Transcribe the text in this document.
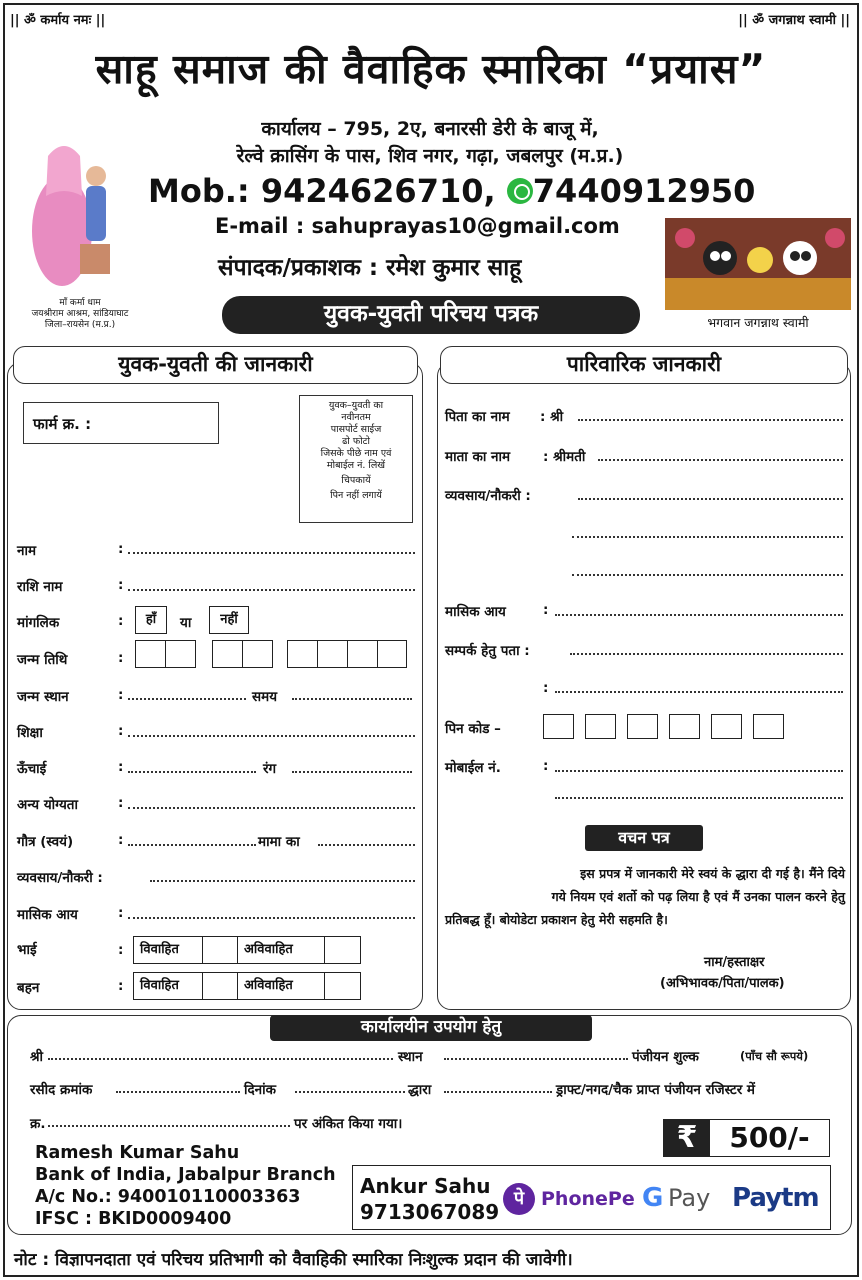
|| ॐ कर्माय नमः ||	|| ॐ जगन्नाथ स्वामी ||
साहू समाज की वैवाहिक स्मारिका “प्रयास”
कार्यालय – 795, 2ए, बनारसी डेरी के बाजू में,
रेल्वे क्रासिंग के पास, शिव नगर, गढ़ा, जबलपुर (म.प्र.)
Mob.: 9424626710, 7440912950
E-mail : sahuprayas10@gmail.com
संपादक/प्रकाशक : रमेश कुमार साहू
माँ कर्मा धाम
जयश्रीराम आश्रम, सांडियाघाट
जिला–रायसेन (म.प्र.)	भगवान जगन्नाथ स्वामी
युवक-युवती परिचय पत्रक
युवक-युवती की जानकारी
फार्म क्र. :
युवक–युवती का
नवीनतम
पासपोर्ट साईज
ढो फोटो
जिसके पीछे नाम एवं
मोबाईल नं. लिखें
चिपकायें
पिन नहीं लगायें
नाम	:
राशि नाम	:
मांगलिक	:	हाँ	या	नहीं
जन्म तिथि	:
जन्म स्थान	:	समय
शिक्षा	:
ऊँचाई	:	रंग
अन्य योग्यता	:
गौत्र (स्वयं)	:	मामा का
व्यवसाय/नौकरी :
मासिक आय	:
भाई	:	विवाहित	अविवाहित
बहन	:	विवाहित	अविवाहित
पारिवारिक जानकारी
पिता का नाम : श्री
माता का नाम : श्रीमती
व्यवसाय/नौकरी :
मासिक आय	:
सम्पर्क हेतु पता :
:
पिन कोड –
मोबाईल नं.	:
वचन पत्र
इस प्रपत्र में जानकारी मेरे स्वयं के द्धारा दी गई है। मैंने दिये
गये नियम एवं शर्तो को पढ़ लिया है एवं मैं उनका पालन करने हेतु
प्रतिबद्ध हूँ। बोयोडेटा प्रकाशन हेतु मेरी सहमति है।
नाम/हस्ताक्षर
(अभिभावक/पिता/पालक)
कार्यालयीन उपयोग हेतु
श्री	स्थान	पंजीयन शुल्क	(पाँच सौ रूपये)
रसीद क्रमांक	दिनांक	द्धारा	ड्राफ्ट/नगद/चैक प्राप्त पंजीयन रजिस्टर में
क्र.	पर अंकित किया गया।	₹	500/-
Ramesh Kumar Sahu
Bank of India, Jabalpur Branch
A/c No.: 940010110003363
IFSC : BKID0009400
Ankur Sahu
9713067089
पे PhonePe G Pay Paytm
नोट : विज्ञापनदाता एवं परिचय प्रतिभागी को वैवाहिकी स्मारिका निःशुल्क प्रदान की जावेगी।
